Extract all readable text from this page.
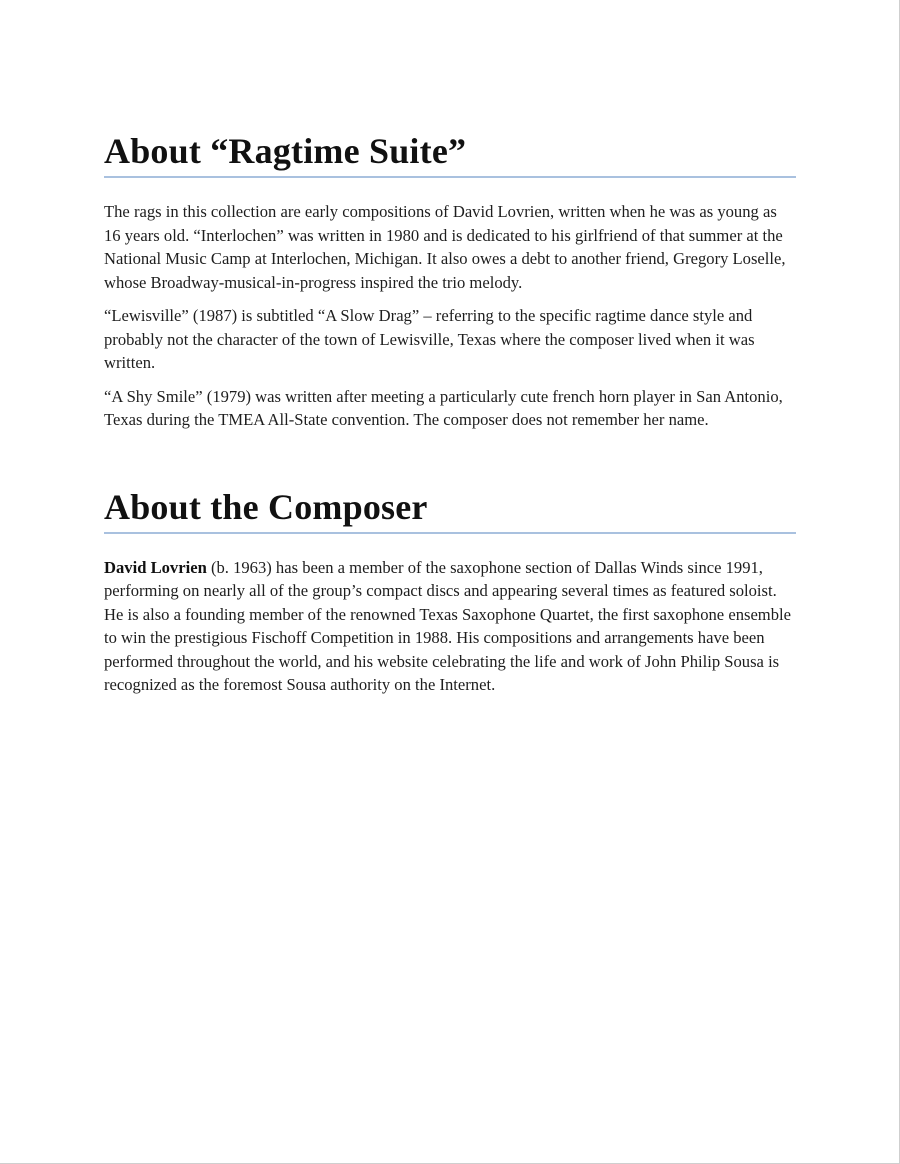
About “Ragtime Suite”

The rags in this collection are early compositions of David Lovrien, written when he was as young as 16 years old. “Interlochen” was written in 1980 and is dedicated to his girlfriend of that summer at the National Music Camp at Interlochen, Michigan. It also owes a debt to another friend, Gregory Loselle, whose Broadway-musical-in-progress inspired the trio melody.

“Lewisville” (1987) is subtitled “A Slow Drag” – referring to the specific ragtime dance style and probably not the character of the town of Lewisville, Texas where the composer lived when it was written.

“A Shy Smile” (1979) was written after meeting a particularly cute french horn player in San Antonio, Texas during the TMEA All-State convention. The composer does not remember her name.

About the Composer

David Lovrien (b. 1963) has been a member of the saxophone section of Dallas Winds since 1991, performing on nearly all of the group’s compact discs and appearing several times as featured soloist. He is also a founding member of the renowned Texas Saxophone Quartet, the first saxophone ensemble to win the prestigious Fischoff Competition in 1988. His compositions and arrangements have been performed throughout the world, and his website celebrating the life and work of John Philip Sousa is recognized as the foremost Sousa authority on the Internet.
